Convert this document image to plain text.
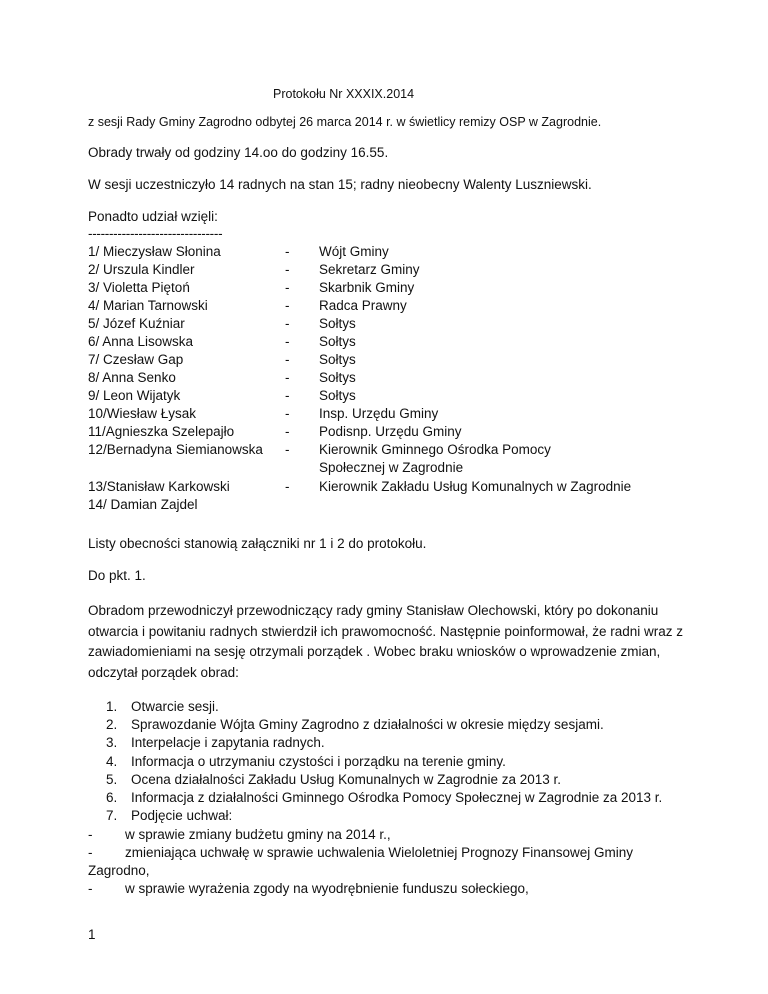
Protokołu Nr XXXIX.2014
z sesji Rady Gminy Zagrodno odbytej 26 marca 2014 r. w świetlicy remizy OSP w Zagrodnie.
Obrady trwały od godziny 14.oo do godziny 16.55.
W sesji uczestniczyło 14 radnych na stan 15; radny nieobecny Walenty Luszniewski.
Ponadto udział wzięli:
--------------------------------
1/ Mieczysław Słonina	- Wójt Gminy
2/ Urszula Kindler	- Sekretarz Gminy
3/ Violetta Piętoń	- Skarbnik Gminy
4/ Marian Tarnowski	- Radca Prawny
5/ Józef Kuźniar	- Sołtys
6/ Anna Lisowska	- Sołtys
7/ Czesław Gap	- Sołtys
8/ Anna Senko	- Sołtys
9/ Leon Wijatyk	- Sołtys
10/Wiesław Łysak	- Insp. Urzędu Gminy
11/Agnieszka Szelepajło	- Podisnp. Urzędu Gminy
12/Bernadyna Siemianowska - Kierownik Gminnego Ośrodka Pomocy
Społecznej w Zagrodnie
13/Stanisław Karkowski	- Kierownik Zakładu Usług Komunalnych w Zagrodnie
14/ Damian Zajdel
Listy obecności stanowią załączniki nr 1 i 2 do protokołu.
Do pkt. 1.
Obradom przewodniczył przewodniczący rady gminy Stanisław Olechowski, który po dokonaniu
otwarcia i powitaniu radnych stwierdził ich prawomocność. Następnie poinformował, że radni wraz z
zawiadomieniami na sesję otrzymali porządek . Wobec braku wniosków o wprowadzenie zmian,
odczytał porządek obrad:
1. Otwarcie sesji.
2. Sprawozdanie Wójta Gminy Zagrodno z działalności w okresie między sesjami.
3. Interpelacje i zapytania radnych.
4. Informacja o utrzymaniu czystości i porządku na terenie gminy.
5. Ocena działalności Zakładu Usług Komunalnych w Zagrodnie za 2013 r.
6. Informacja z działalności Gminnego Ośrodka Pomocy Społecznej w Zagrodnie za 2013 r.
7. Podjęcie uchwał:
- w sprawie zmiany budżetu gminy na 2014 r.,
- zmieniająca uchwałę w sprawie uchwalenia Wieloletniej Prognozy Finansowej Gminy
Zagrodno,
- w sprawie wyrażenia zgody na wyodrębnienie funduszu sołeckiego,
1
